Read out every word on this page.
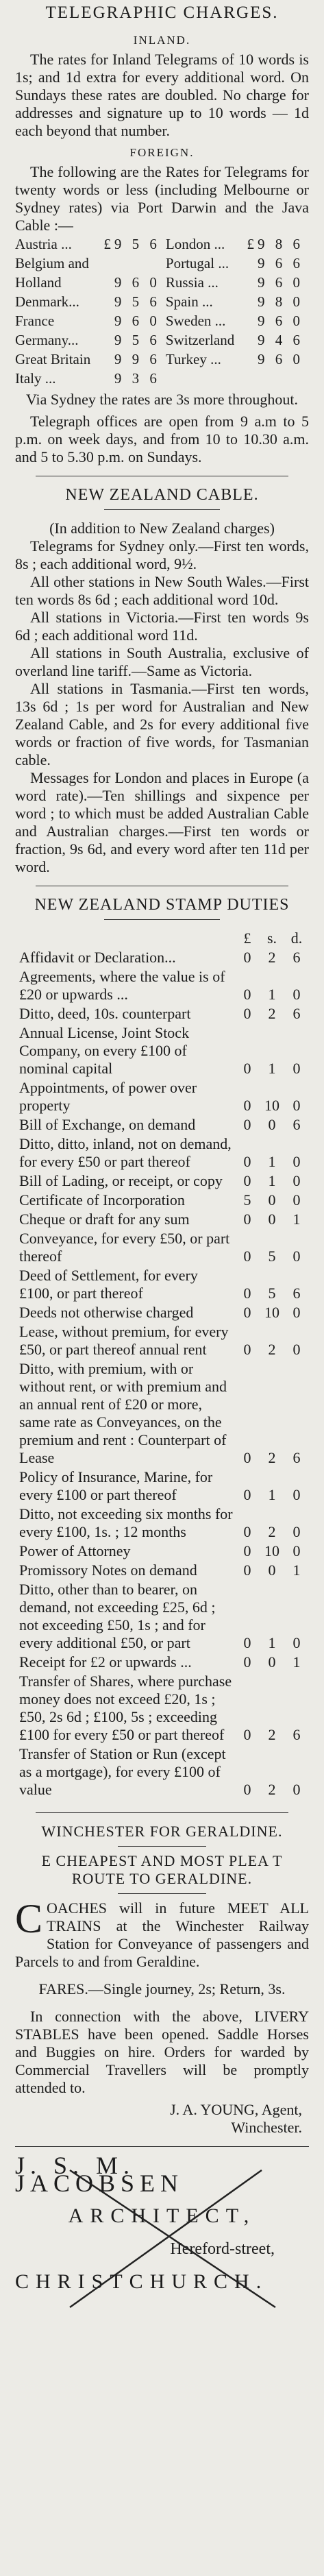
TELEGRAPHIC CHARGES.
INLAND.
The rates for Inland Telegrams of 10 words is 1s; and 1d extra for every additional word. On Sundays these rates are doubled. No charge for addresses and signature up to 10 words — 1d each beyond that number.
FOREIGN.
The following are the Rates for Telegrams for twenty words or less (including Melbourne or Sydney rates) via Port Darwin and the Java Cable :—
Austria ...	£9 5 6	London ...	£9 8 6
Belgium and		Portugal ...	9 6 6
Holland	9 6 0	Russia ...	9 6 0
Denmark...	9 5 6	Spain ...	9 8 0
France	9 6 0	Sweden ...	9 6 0
Germany...	9 5 6	Switzerland	9 4 6
Great Britain	9 9 6	Turkey ...	9 6 0
Italy ...	9 3 6		
Via Sydney the rates are 3s more throughout.
Telegraph offices are open from 9 a.m to 5 p.m. on week days, and from 10 to 10.30 a.m. and 5 to 5.30 p.m. on Sundays.
NEW ZEALAND CABLE.
(In addition to New Zealand charges)
Telegrams for Sydney only.—First ten words, 8s ; each additional word, 9½.
All other stations in New South Wales.—First ten words 8s 6d ; each additional word 10d.
All stations in Victoria.—First ten words 9s 6d ; each additional word 11d.
All stations in South Australia, exclusive of overland line tariff.—Same as Victoria.
All stations in Tasmania.—First ten words, 13s 6d ; 1s per word for Australian and New Zealand Cable, and 2s for every additional five words or fraction of five words, for Tasmanian cable.
Messages for London and places in Europe (a word rate).—Ten shillings and sixpence per word ; to which must be added Australian Cable and Australian charges.—First ten words or fraction, 9s 6d, and every word after ten 11d per word.
NEW ZEALAND STAMP DUTIES
	£	s.	d.
Affidavit or Declaration...	0	2	6
Agreements, where the value is of £20 or upwards ...	0	1	0
Ditto, deed, 10s. counterpart	0	2	6
Annual License, Joint Stock Company, on every £100 of nominal capital	0	1	0
Appointments, of power over property	0	10	0
Bill of Exchange, on demand	0	0	6
Ditto, ditto, inland, not on demand, for every £50 or part thereof	0	1	0
Bill of Lading, or receipt, or copy	0	1	0
Certificate of Incorporation	5	0	0
Cheque or draft for any sum	0	0	1
Conveyance, for every £50, or part thereof	0	5	0
Deed of Settlement, for every £100, or part thereof	0	5	6
Deeds not otherwise charged	0	10	0
Lease, without premium, for every £50, or part thereof annual rent	0	2	0
Ditto, with premium, with or without rent, or with premium and an annual rent of £20 or more, same rate as Conveyances, on the premium and rent : Counterpart of Lease	0	2	6
Policy of Insurance, Marine, for every £100 or part thereof	0	1	0
Ditto, not exceeding six months for every £100, 1s. ; 12 months	0	2	0
Power of Attorney	0	10	0
Promissory Notes on demand	0	0	1
Ditto, other than to bearer, on demand, not exceeding £25, 6d ; not exceeding £50, 1s ; and for every additional £50, or part	0	1	0
Receipt for £2 or upwards ...	0	0	1
Transfer of Shares, where purchase money does not exceed £20, 1s ; £50, 2s 6d ; £100, 5s ; exceeding £100 for every £50 or part thereof	0	2	6
Transfer of Station or Run (except as a mortgage), for every £100 of value	0	2	0
WINCHESTER FOR GERALDINE.
E CHEAPEST AND MOST PLEA T ROUTE TO GERALDINE.
C OACHES will in future MEET ALL TRAINS at the Winchester Railway Station for Conveyance of passengers and Parcels to and from Geraldine.
FARES.—Single journey, 2s; Return, 3s.
In connection with the above, LIVERY STABLES have been opened. Saddle Horses and Buggies on hire. Orders for warded by Commercial Travellers will be promptly attended to.
J. A. YOUNG, Agent,
Winchester.
J. S. M. JACOBSEN
ARCHITECT,
Hereford-street,
CHRISTCHURCH.
